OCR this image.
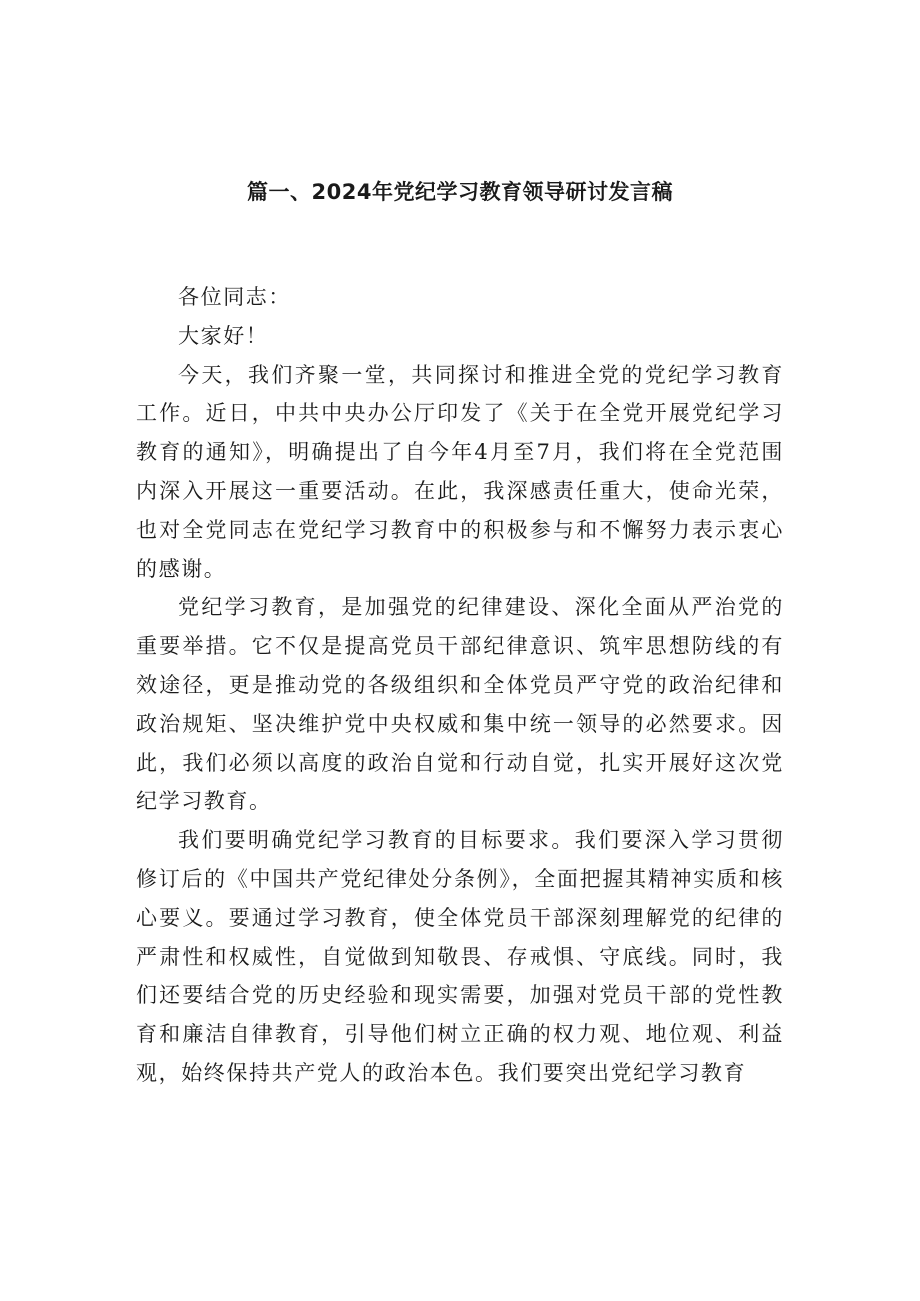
篇一、2024年党纪学习教育领导研讨发言稿

各位同志：

大家好！

今天，我们齐聚一堂，共同探讨和推进全党的党纪学习教育工作。近日，中共中央办公厅印发了《关于在全党开展党纪学习教育的通知》，明确提出了自今年4月至7月，我们将在全党范围内深入开展这一重要活动。在此，我深感责任重大，使命光荣，也对全党同志在党纪学习教育中的积极参与和不懈努力表示衷心的感谢。

党纪学习教育，是加强党的纪律建设、深化全面从严治党的重要举措。它不仅是提高党员干部纪律意识、筑牢思想防线的有效途径，更是推动党的各级组织和全体党员严守党的政治纪律和政治规矩、坚决维护党中央权威和集中统一领导的必然要求。因此，我们必须以高度的政治自觉和行动自觉，扎实开展好这次党纪学习教育。

我们要明确党纪学习教育的目标要求。我们要深入学习贯彻修订后的《中国共产党纪律处分条例》，全面把握其精神实质和核心要义。要通过学习教育，使全体党员干部深刻理解党的纪律的严肃性和权威性，自觉做到知敬畏、存戒惧、守底线。同时，我们还要结合党的历史经验和现实需要，加强对党员干部的党性教育和廉洁自律教育，引导他们树立正确的权力观、地位观、利益观，始终保持共产党人的政治本色。我们要突出党纪学习教育
